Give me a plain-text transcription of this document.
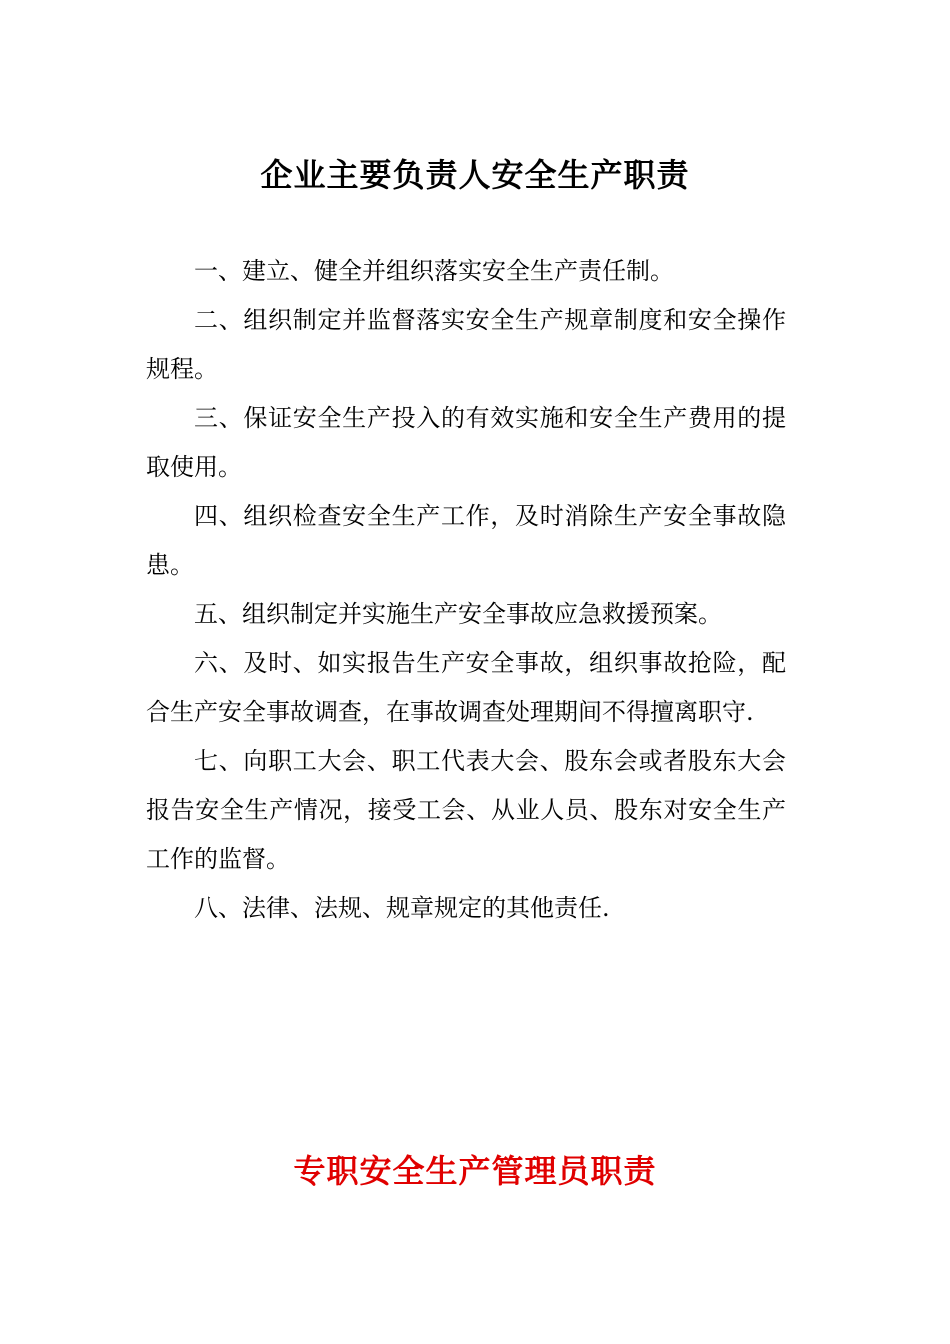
企业主要负责人安全生产职责

一、建立、健全并组织落实安全生产责任制。

二、组织制定并监督落实安全生产规章制度和安全操作规程。

三、保证安全生产投入的有效实施和安全生产费用的提取使用。

四、组织检查安全生产工作，及时消除生产安全事故隐患。

五、组织制定并实施生产安全事故应急救援预案。

六、及时、如实报告生产安全事故，组织事故抢险，配合生产安全事故调查，在事故调查处理期间不得擅离职守.

七、向职工大会、职工代表大会、股东会或者股东大会报告安全生产情况，接受工会、从业人员、股东对安全生产工作的监督。

八、法律、法规、规章规定的其他责任.

专职安全生产管理员职责
